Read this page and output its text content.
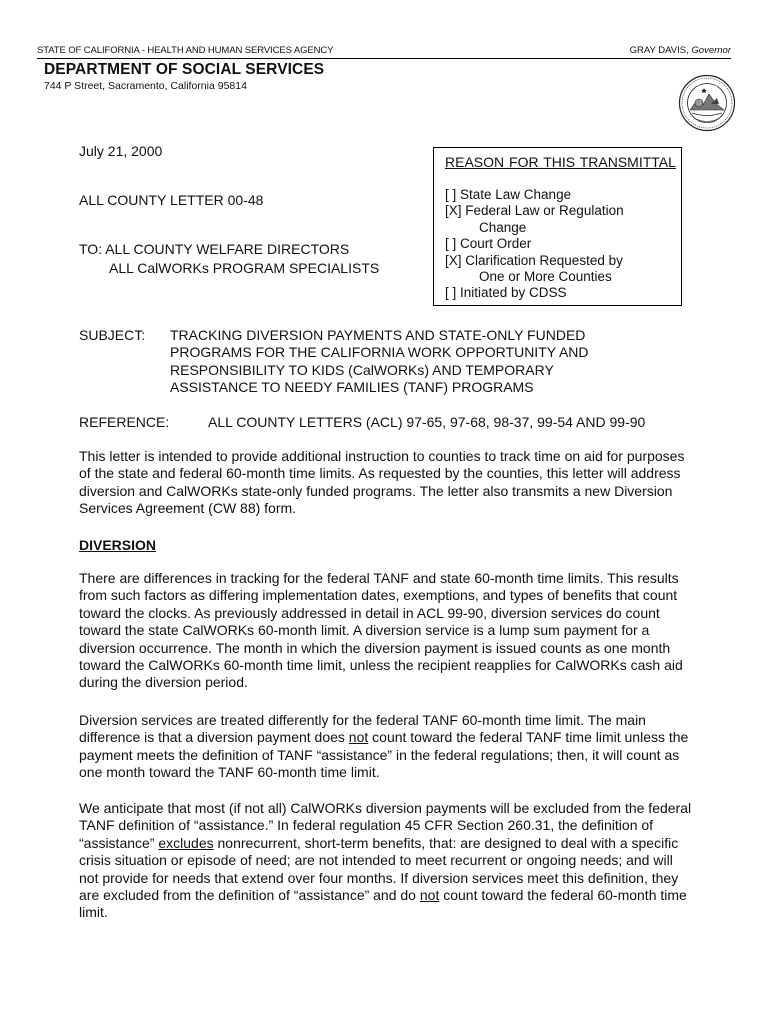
STATE OF CALIFORNIA - HEALTH AND HUMAN SERVICES AGENCY	GRAY DAVIS, Governor
DEPARTMENT OF SOCIAL SERVICES
744 P Street, Sacramento, California 95814
July 21, 2000
REASON FOR THIS TRANSMITTAL
[ ] State Law Change
[X] Federal Law or Regulation
Change
[ ] Court Order
[X] Clarification Requested by
One or More Counties
[ ] Initiated by CDSS
ALL COUNTY LETTER 00-48
TO: ALL COUNTY WELFARE DIRECTORS
ALL CalWORKs PROGRAM SPECIALISTS
SUBJECT: TRACKING DIVERSION PAYMENTS AND STATE-ONLY FUNDED PROGRAMS FOR THE CALIFORNIA WORK OPPORTUNITY AND RESPONSIBILITY TO KIDS (CalWORKs) AND TEMPORARY ASSISTANCE TO NEEDY FAMILIES (TANF) PROGRAMS
REFERENCE:	ALL COUNTY LETTERS (ACL) 97-65, 97-68, 98-37, 99-54 AND 99-90
This letter is intended to provide additional instruction to counties to track time on aid for purposes of the state and federal 60-month time limits. As requested by the counties, this letter will address diversion and CalWORKs state-only funded programs. The letter also transmits a new Diversion Services Agreement (CW 88) form.
DIVERSION
There are differences in tracking for the federal TANF and state 60-month time limits. This results from such factors as differing implementation dates, exemptions, and types of benefits that count toward the clocks. As previously addressed in detail in ACL 99-90, diversion services do count toward the state CalWORKs 60-month limit. A diversion service is a lump sum payment for a diversion occurrence. The month in which the diversion payment is issued counts as one month toward the CalWORKs 60-month time limit, unless the recipient reapplies for CalWORKs cash aid during the diversion period.
Diversion services are treated differently for the federal TANF 60-month time limit. The main difference is that a diversion payment does not count toward the federal TANF time limit unless the payment meets the definition of TANF “assistance” in the federal regulations; then, it will count as one month toward the TANF 60-month time limit.
We anticipate that most (if not all) CalWORKs diversion payments will be excluded from the federal TANF definition of “assistance.” In federal regulation 45 CFR Section 260.31, the definition of “assistance” excludes nonrecurrent, short-term benefits, that: are designed to deal with a specific crisis situation or episode of need; are not intended to meet recurrent or ongoing needs; and will not provide for needs that extend over four months. If diversion services meet this definition, they are excluded from the definition of “assistance” and do not count toward the federal 60-month time limit.
